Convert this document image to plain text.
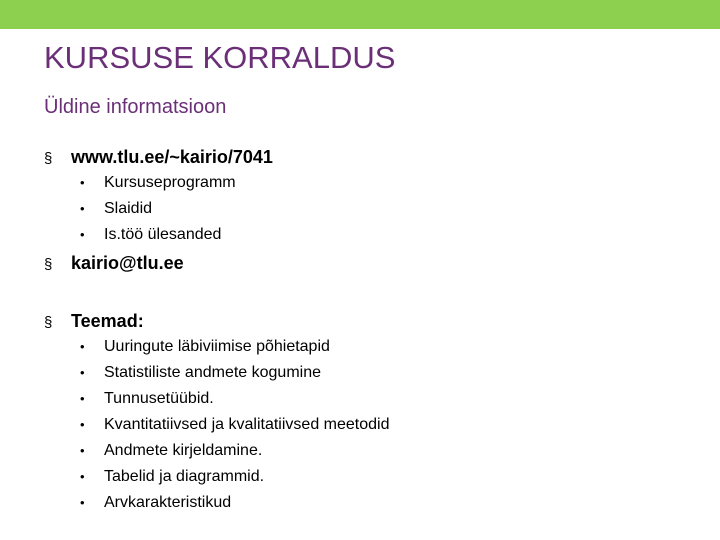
KURSUSE KORRALDUS
Üldine informatsioon
§ www.tlu.ee/~kairio/7041
• Kursuseprogramm
• Slaidid
• Is.töö ülesanded
§ kairio@tlu.ee
§ Teemad:
• Uuringute läbiviimise põhietapid
• Statistiliste andmete kogumine
• Tunnusetüübid.
• Kvantitatiivsed ja kvalitatiivsed meetodid
• Andmete kirjeldamine.
• Tabelid ja diagrammid.
• Arvkarakteristikud
